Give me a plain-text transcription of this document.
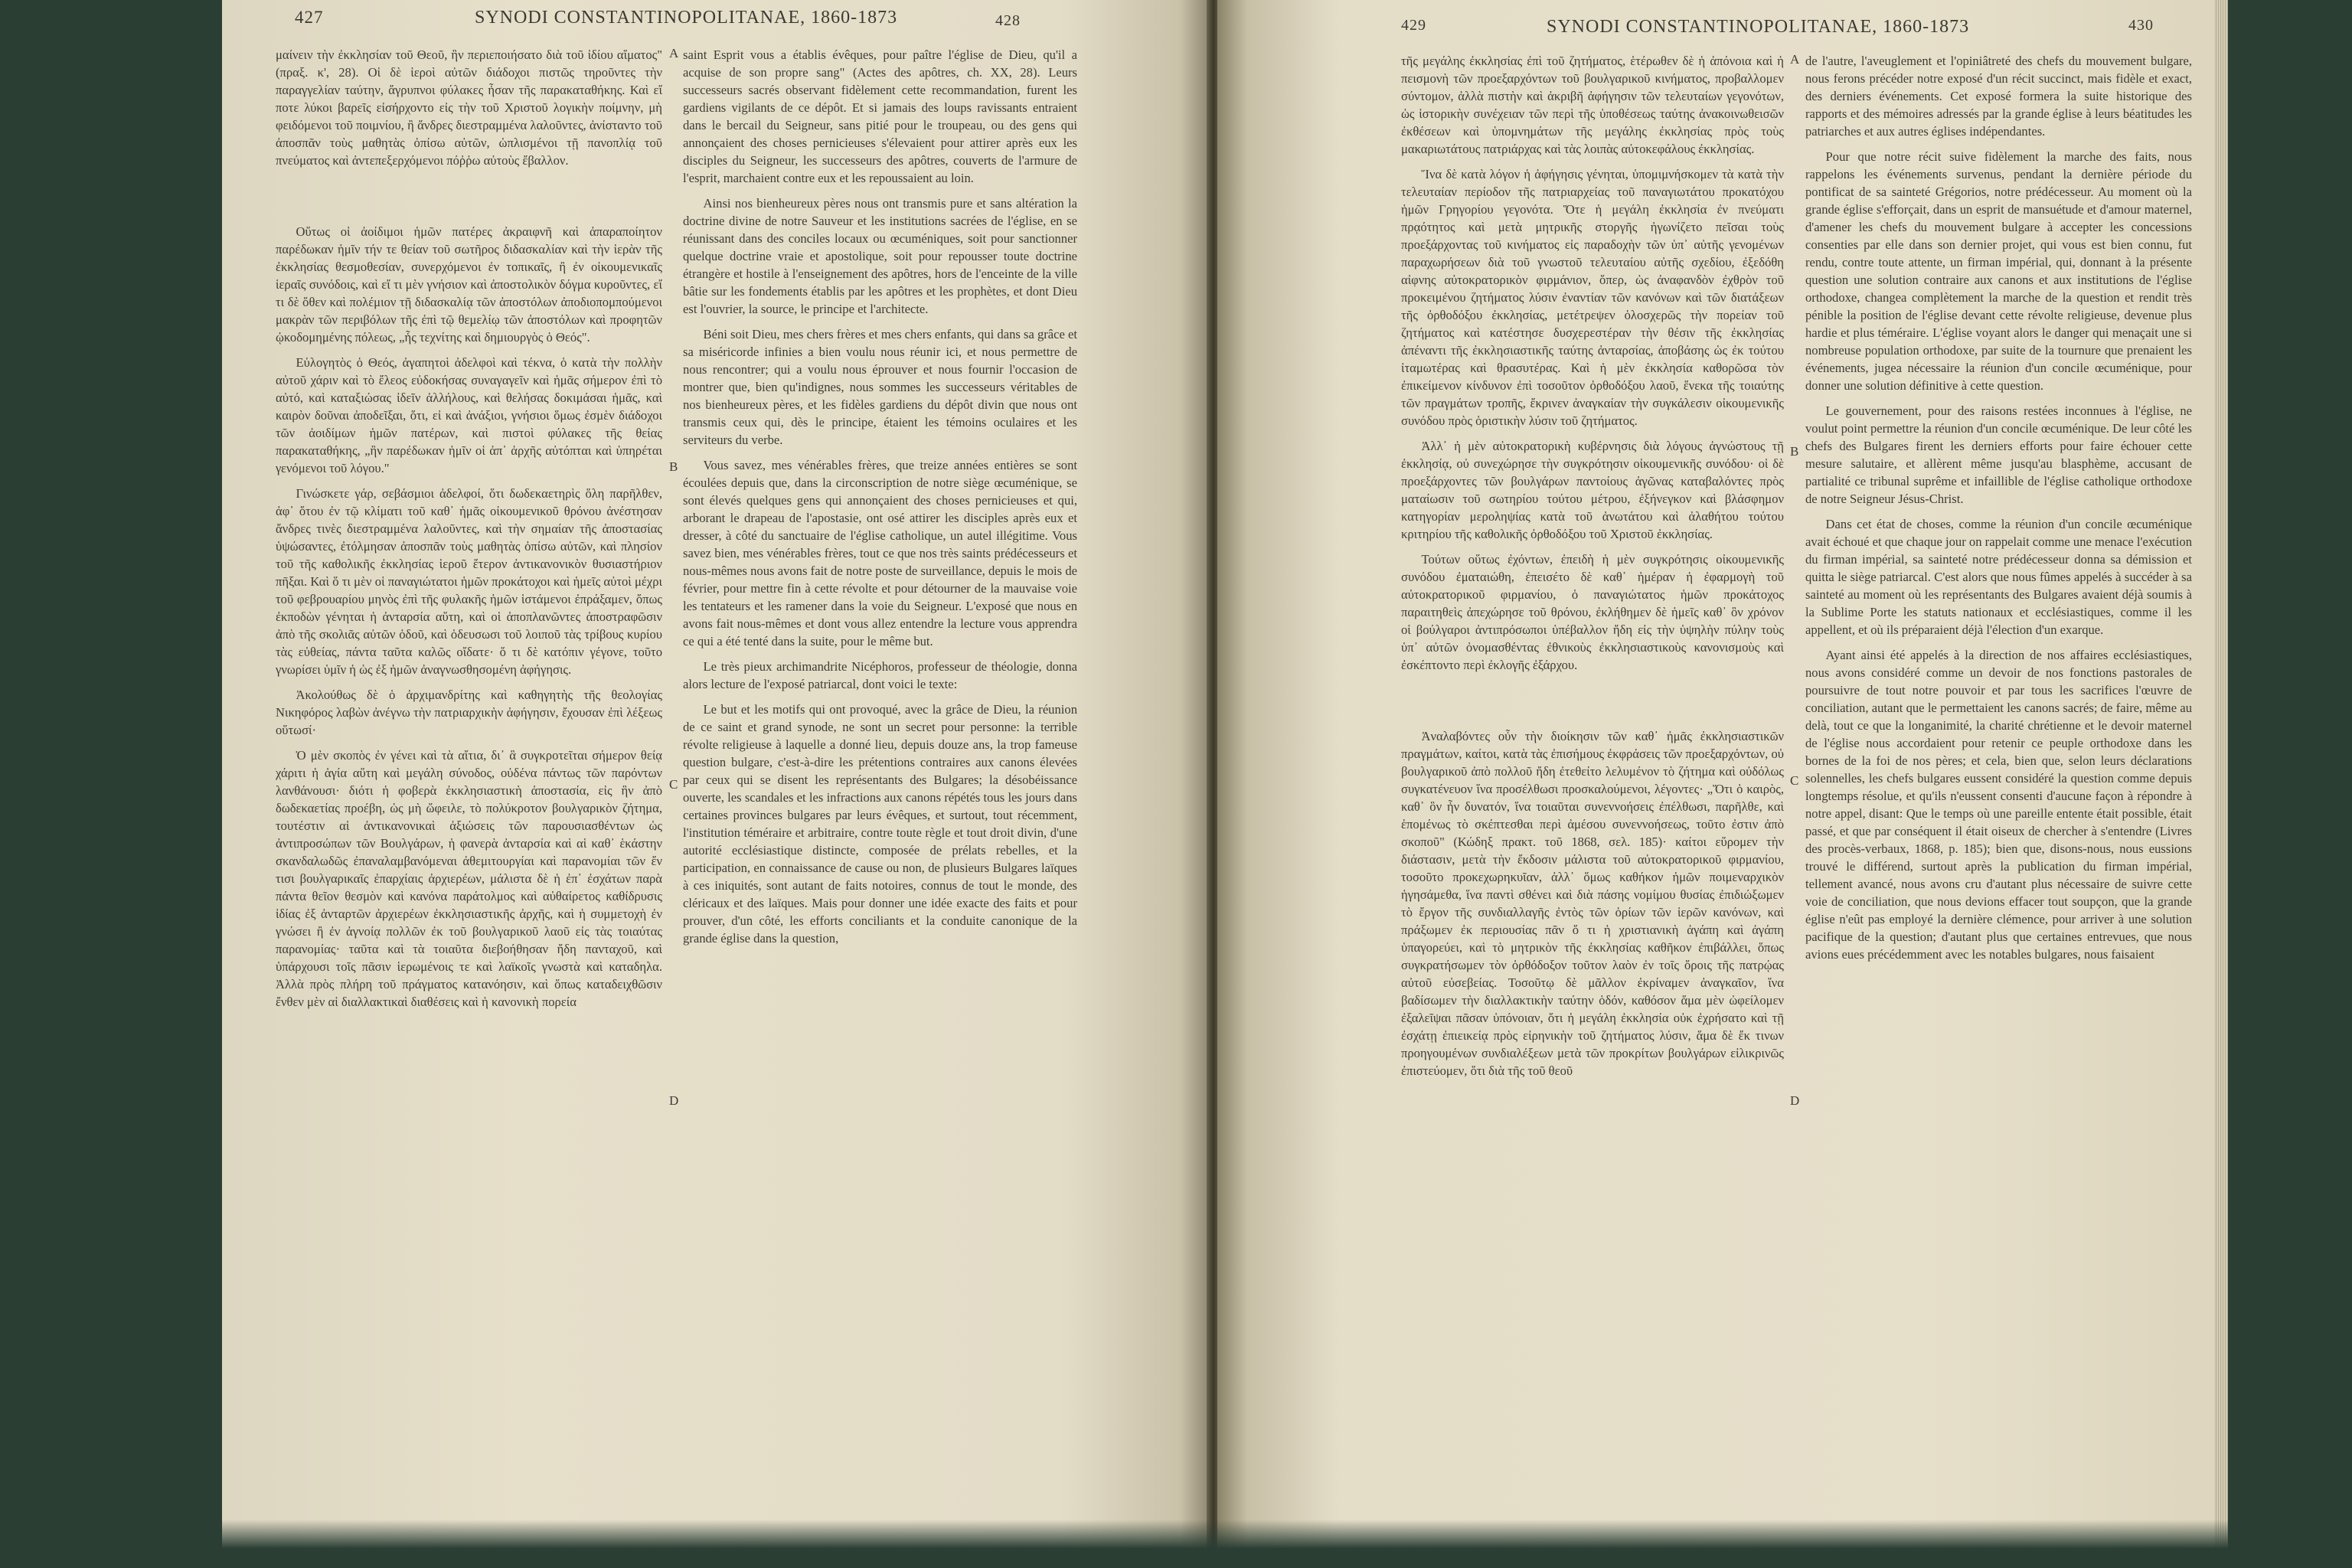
427	SYNODI CONSTANTINOPOLITANAE, 1860-1873	428

μαίνειν τὴν ἐκκλησίαν τοῦ Θεοῦ, ἣν περιεποιήσατο διὰ τοῦ ἰδίου αἵματος" (πραξ. κ', 28). Οἱ δὲ ἱεροὶ αὐτῶν διάδοχοι πιστῶς τηροῦντες τὴν παραγγελίαν ταύτην, ἄγρυπνοι φύλακες ἦσαν τῆς παρακαταθήκης. Καὶ εἴ ποτε λύκοι βαρεῖς εἰσήρχοντο εἰς τὴν τοῦ Χριστοῦ λογικὴν ποίμνην, μὴ φειδόμενοι τοῦ ποιμνίου, ἢ ἄνδρες διεστραμμένα λαλοῦντες, ἀνίσταντο τοῦ ἀποσπᾶν τοὺς μαθητὰς ὀπίσω αὐτῶν, ὡπλισμένοι τῇ πανοπλίᾳ τοῦ πνεύματος καὶ ἀντεπεξερχόμενοι πόῤῥω αὐτοὺς ἔβαλλον.

Οὕτως οἱ ἀοίδιμοι ἡμῶν πατέρες ἀκραιφνῆ καὶ ἀπαραποίητον παρέδωκαν ἡμῖν τήν τε θείαν τοῦ σωτῆρος διδασκαλίαν καὶ τὴν ἱερὰν τῆς ἐκκλησίας θεσμοθεσίαν, συνερχόμενοι ἐν τοπικαῖς, ἢ ἐν οἰκουμενικαῖς ἱεραῖς συνόδοις, καὶ εἴ τι μὲν γνήσιον καὶ ἀποστολικὸν δόγμα κυροῦντες, εἴ τι δὲ ὅθεν καὶ πολέμιον τῇ διδασκαλίᾳ τῶν ἀποστόλων ἀποδιοπομπούμενοι μακρὰν τῶν περιβόλων τῆς ἐπὶ τῷ θεμελίῳ τῶν ἀποστόλων καὶ προφητῶν ᾠκοδομημένης πόλεως, „ἧς τεχνίτης καὶ δημιουργὸς ὁ Θεός".

Εὐλογητὸς ὁ Θεός, ἀγαπητοὶ ἀδελφοὶ καὶ τέκνα, ὁ κατὰ τὴν πολλὴν αὐτοῦ χάριν καὶ τὸ ἔλεος εὐδοκήσας συναγαγεῖν καὶ ἡμᾶς σήμερον ἐπὶ τὸ αὐτό, καὶ καταξιώσας ἰδεῖν ἀλλήλους, καὶ θελήσας δοκιμάσαι ἡμᾶς, καὶ καιρὸν δοῦναι ἀποδεῖξαι, ὅτι, εἰ καὶ ἀνάξιοι, γνήσιοι ὅμως ἐσμὲν διάδοχοι τῶν ἀοιδίμων ἡμῶν πατέρων, καὶ πιστοὶ φύλακες τῆς θείας παρακαταθήκης, „ἣν παρέδωκαν ἡμῖν οἱ ἀπ᾽ ἀρχῆς αὐτόπται καὶ ὑπηρέται γενόμενοι τοῦ λόγου."

Γινώσκετε γάρ, σεβάσμιοι ἀδελφοί, ὅτι δωδεκαετηρὶς ὅλη παρῆλθεν, ἀφ᾽ ὅτου ἐν τῷ κλίματι τοῦ καθ᾽ ἡμᾶς οἰκουμενικοῦ θρόνου ἀνέστησαν ἄνδρες τινὲς διεστραμμένα λαλοῦντες, καὶ τὴν σημαίαν τῆς ἀποστασίας ὑψώσαντες, ἐτόλμησαν ἀποσπᾶν τοὺς μαθητὰς ὀπίσω αὐτῶν, καὶ πλησίον τοῦ τῆς καθολικῆς ἐκκλησίας ἱεροῦ ἕτερον ἀντικανονικὸν θυσιαστήριον πῆξαι. Καὶ ὅ τι μὲν οἱ παναγιώτατοι ἡμῶν προκάτοχοι καὶ ἡμεῖς αὐτοὶ μέχρι τοῦ φεβρουαρίου μηνὸς ἐπὶ τῆς φυλακῆς ἡμῶν ἱστάμενοι ἐπράξαμεν, ὅπως ἐκποδὼν γένηται ἡ ἀνταρσία αὕτη, καὶ οἱ ἀποπλανῶντες ἀποστραφῶσιν ἀπὸ τῆς σκολιᾶς αὐτῶν ὁδοῦ, καὶ ὁδευσωσι τοῦ λοιποῦ τὰς τρίβους κυρίου τὰς εὐθείας, πάντα ταῦτα καλῶς οἴδατε· ὅ τι δὲ κατόπιν γέγονε, τοῦτο γνωρίσει ὑμῖν ἡ ὡς ἐξ ἡμῶν ἀναγνωσθησομένη ἀφήγησις.

Ἀκολούθως δὲ ὁ ἀρχιμανδρίτης καὶ καθηγητὴς τῆς θεολογίας Νικηφόρος λαβὼν ἀνέγνω τὴν πατριαρχικὴν ἀφήγησιν, ἔχουσαν ἐπὶ λέξεως οὕτωσί·

Ὁ μὲν σκοπὸς ἐν γένει καὶ τὰ αἴτια, δι᾽ ἃ συγκροτεῖται σήμερον θείᾳ χάριτι ἡ ἁγία αὕτη καὶ μεγάλη σύνοδος, οὐδένα πάντως τῶν παρόντων λανθάνουσι· διότι ἡ φοβερὰ ἐκκλησιαστικὴ ἀποστασία, εἰς ἣν ἀπὸ δωδεκαετίας προέβη, ὡς μὴ ὤφειλε, τὸ πολύκροτον βουλγαρικὸν ζήτημα, τουτέστιν αἱ ἀντικανονικαὶ ἀξιώσεις τῶν παρουσιασθέντων ὡς ἀντιπροσώπων τῶν Βουλγάρων, ἡ φανερὰ ἀνταρσία καὶ αἱ καθ᾽ ἑκάστην σκανδαλωδῶς ἐπαναλαμβανόμεναι ἀθεμιτουργίαι καὶ παρανομίαι τῶν ἔν τισι βουλγαρικαῖς ἐπαρχίαις ἀρχιερέων, μάλιστα δὲ ἡ ἐπ᾽ ἐσχάτων παρὰ πάντα θεῖον θεσμὸν καὶ κανόνα παράτολμος καὶ αὐθαίρετος καθίδρυσις ἰδίας ἐξ ἀνταρτῶν ἀρχιερέων ἐκκλησιαστικῆς ἀρχῆς, καὶ ἡ συμμετοχὴ ἐν γνώσει ἢ ἐν ἀγνοίᾳ πολλῶν ἐκ τοῦ βουλγαρικοῦ λαοῦ εἰς τὰς τοιαύτας παρανομίας· ταῦτα καὶ τὰ τοιαῦτα διεβοήθησαν ἤδη πανταχοῦ, καὶ ὑπάρχουσι τοῖς πᾶσιν ἱερωμένοις τε καὶ λαϊκοῖς γνωστὰ καὶ καταδηλα. Ἀλλὰ πρὸς πλήρη τοῦ πράγματος κατανόησιν, καὶ ὅπως καταδειχθῶσιν ἔνθεν μὲν αἱ διαλλακτικαὶ διαθέσεις καὶ ἡ κανονικὴ πορεία

A
B
C
D

saint Esprit vous a établis évêques, pour paître l'église de Dieu, qu'il a acquise de son propre sang" (Actes des apôtres, ch. XX, 28). Leurs successeurs sacrés observant fidèlement cette recommandation, furent les gardiens vigilants de ce dépôt. Et si jamais des loups ravissants entraient dans le bercail du Seigneur, sans pitié pour le troupeau, ou des gens qui annonçaient des choses pernicieuses s'élevaient pour attirer après eux les disciples du Seigneur, les successeurs des apôtres, couverts de l'armure de l'esprit, marchaient contre eux et les repoussaient au loin.

Ainsi nos bienheureux pères nous ont transmis pure et sans altération la doctrine divine de notre Sauveur et les institutions sacrées de l'église, en se réunissant dans des conciles locaux ou œcuméniques, soit pour sanctionner quelque doctrine vraie et apostolique, soit pour repousser toute doctrine étrangère et hostile à l'enseignement des apôtres, hors de l'enceinte de la ville bâtie sur les fondements établis par les apôtres et les prophètes, et dont Dieu est l'ouvrier, la source, le principe et l'architecte.

Béni soit Dieu, mes chers frères et mes chers enfants, qui dans sa grâce et sa miséricorde infinies a bien voulu nous réunir ici, et nous permettre de nous rencontrer; qui a voulu nous éprouver et nous fournir l'occasion de montrer que, bien qu'indignes, nous sommes les successeurs véritables de nos bienheureux pères, et les fidèles gardiens du dépôt divin que nous ont transmis ceux qui, dès le principe, étaient les témoins oculaires et les serviteurs du verbe.

Vous savez, mes vénérables frères, que treize années entières se sont écoulées depuis que, dans la circonscription de notre siège œcuménique, se sont élevés quelques gens qui annonçaient des choses pernicieuses et qui, arborant le drapeau de l'apostasie, ont osé attirer les disciples après eux et dresser, à côté du sanctuaire de l'église catholique, un autel illégitime. Vous savez bien, mes vénérables frères, tout ce que nos très saints prédécesseurs et nous-mêmes nous avons fait de notre poste de surveillance, depuis le mois de février, pour mettre fin à cette révolte et pour détourner de la mauvaise voie les tentateurs et les ramener dans la voie du Seigneur. L'exposé que nous en avons fait nous-mêmes et dont vous allez entendre la lecture vous apprendra ce qui a été tenté dans la suite, pour le même but.

Le très pieux archimandrite Nicéphoros, professeur de théologie, donna alors lecture de l'exposé patriarcal, dont voici le texte:

Le but et les motifs qui ont provoqué, avec la grâce de Dieu, la réunion de ce saint et grand synode, ne sont un secret pour personne: la terrible révolte religieuse à laquelle a donné lieu, depuis douze ans, la trop fameuse question bulgare, c'est-à-dire les prétentions contraires aux canons élevées par ceux qui se disent les représentants des Bulgares; la désobéissance ouverte, les scandales et les infractions aux canons répétés tous les jours dans certaines provinces bulgares par leurs évêques, et surtout, tout récemment, l'institution téméraire et arbitraire, contre toute règle et tout droit divin, d'une autorité ecclésiastique distincte, composée de prélats rebelles, et la participation, en connaissance de cause ou non, de plusieurs Bulgares laïques à ces iniquités, sont autant de faits notoires, connus de tout le monde, des cléricaux et des laïques. Mais pour donner une idée exacte des faits et pour prouver, d'un côté, les efforts conciliants et la conduite canonique de la grande église dans la question,

429	SYNODI CONSTANTINOPOLITANAE, 1860-1873	430

τῆς μεγάλης ἐκκλησίας ἐπὶ τοῦ ζητήματος, ἑτέρωθεν δὲ ἡ ἀπόνοια καὶ ἡ πεισμονὴ τῶν προεξαρχόντων τοῦ βουλγαρικοῦ κινήματος, προβαλλομεν σύντομον, ἀλλὰ πιστὴν καὶ ἀκριβῆ ἀφήγησιν τῶν τελευταίων γεγονότων, ὡς ἱστορικὴν συνέχειαν τῶν περὶ τῆς ὑποθέσεως ταύτης ἀνακοινωθεισῶν ἐκθέσεων καὶ ὑπομνημάτων τῆς μεγάλης ἐκκλησίας πρὸς τοὺς μακαριωτάτους πατριάρχας καὶ τὰς λοιπὰς αὐτοκεφάλους ἐκκλησίας.

Ἵνα δὲ κατὰ λόγον ἡ ἀφήγησις γένηται, ὑπομιμνήσκομεν τὰ κατὰ τὴν τελευταίαν περίοδον τῆς πατριαρχείας τοῦ παναγιωτάτου προκατόχου ἡμῶν Γρηγορίου γεγονότα. Ὅτε ἡ μεγάλη ἐκκλησία ἐν πνεύματι πρᾳότητος καὶ μετὰ μητρικῆς στοργῆς ἠγωνίζετο πεῖσαι τοὺς προεξάρχοντας τοῦ κινήματος εἰς παραδοχὴν τῶν ὑπ᾽ αὐτῆς γενομένων παραχωρήσεων διὰ τοῦ γνωστοῦ τελευταίου αὐτῆς σχεδίου, ἐξεδόθη αἰφνης αὐτοκρατορικὸν φιρμάνιον, ὅπερ, ὡς ἀναφανδὸν ἐχθρὸν τοῦ προκειμένου ζητήματος λύσιν ἐναντίαν τῶν κανόνων καὶ τῶν διατάξεων τῆς ὀρθοδόξου ἐκκλησίας, μετέτρεψεν ὁλοσχερῶς τὴν πορείαν τοῦ ζητήματος καὶ κατέστησε δυσχερεστέραν τὴν θέσιν τῆς ἐκκλησίας ἀπέναντι τῆς ἐκκλησιαστικῆς ταύτης ἀνταρσίας, ἀποβάσης ὡς ἐκ τούτου ἰταμωτέρας καὶ θρασυτέρας. Καὶ ἡ μὲν ἐκκλησία καθορῶσα τὸν ἐπικείμενον κίνδυνον ἐπὶ τοσοῦτον ὀρθοδόξου λαοῦ, ἕνεκα τῆς τοιαύτης τῶν πραγμάτων τροπῆς, ἔκρινεν ἀναγκαίαν τὴν συγκάλεσιν οἰκουμενικῆς συνόδου πρὸς ὁριστικὴν λύσιν τοῦ ζητήματος.

Ἀλλ᾽ ἡ μὲν αὐτοκρατορικὴ κυβέρνησις διὰ λόγους ἀγνώστους τῇ ἐκκλησίᾳ, οὐ συνεχώρησε τὴν συγκρότησιν οἰκουμενικῆς συνόδου· οἱ δὲ προεξάρχοντες τῶν βουλγάρων παντοίους ἀγῶνας καταβαλόντες πρὸς ματαίωσιν τοῦ σωτηρίου τούτου μέτρου, ἐξήνεγκον καὶ βλάσφημον κατηγορίαν μεροληψίας κατὰ τοῦ ἀνωτάτου καὶ ἀλαθήτου τούτου κριτηρίου τῆς καθολικῆς ὀρθοδόξου τοῦ Χριστοῦ ἐκκλησίας.

Τούτων οὕτως ἐχόντων, ἐπειδὴ ἡ μὲν συγκρότησις οἰκουμενικῆς συνόδου ἐματαιώθη, ἐπεισέτο δὲ καθ᾽ ἡμέραν ἡ ἐφαρμογὴ τοῦ αὐτοκρατορικοῦ φιρμανίου, ὁ παναγιώτατος ἡμῶν προκάτοχος παραιτηθεὶς ἀπεχώρησε τοῦ θρόνου, ἐκλήθημεν δὲ ἡμεῖς καθ᾽ ὃν χρόνον οἱ βούλγαροι ἀντιπρόσωποι ὑπέβαλλον ἤδη εἰς τὴν ὑψηλὴν πύλην τοὺς ὑπ᾽ αὐτῶν ὀνομασθέντας ἐθνικοὺς ἐκκλησιαστικοὺς κανονισμοὺς καὶ ἐσκέπτοντο περὶ ἐκλογῆς ἐξάρχου.

Ἀναλαβόντες οὖν τὴν διοίκησιν τῶν καθ᾽ ἡμᾶς ἐκκλησιαστικῶν πραγμάτων, καίτοι, κατὰ τὰς ἐπισήμους ἐκφράσεις τῶν προεξαρχόντων, οὐ βουλγαρικοῦ ἀπὸ πολλοῦ ἤδη ἐτεθείτο λελυμένον τὸ ζήτημα καὶ οὐδόλως συγκατένευον ἵνα προσέλθωσι προσκαλούμενοι, λέγοντες· „Ὅτι ὁ καιρὸς, καθ᾽ ὃν ἦν δυνατόν, ἵνα τοιαῦται συνεννοήσεις ἐπέλθωσι, παρῆλθε, καὶ ἑπομένως τὸ σκέπτεσθαι περὶ ἀμέσου συνεννοήσεως, τοῦτο ἐστιν ἀπὸ σκοποῦ" (Κώδηξ πρακτ. τοῦ 1868, σελ. 185)· καίτοι εὕρομεν τὴν διάστασιν, μετὰ τὴν ἔκδοσιν μάλιστα τοῦ αὐτοκρατορικοῦ φιρμανίου, τοσοῦτο προκεχωρηκυῖαν, ἀλλ᾽ ὅμως καθήκον ἡμῶν ποιμεναρχικὸν ἡγησάμεθα, ἵνα παντὶ σθένει καὶ διὰ πάσης νομίμου θυσίας ἐπιδιώξωμεν τὸ ἔργον τῆς συνδιαλλαγῆς ἐντὸς τῶν ὁρίων τῶν ἱερῶν κανόνων, καὶ πράξωμεν ἐκ περιουσίας πᾶν ὅ τι ἡ χριστιανικὴ ἀγάπη καὶ ἀγάπη ὑπαγορεύει, καὶ τὸ μητρικὸν τῆς ἐκκλησίας καθῆκον ἐπιβάλλει, ὅπως συγκρατήσωμεν τὸν ὀρθόδοξον τοῦτον λαὸν ἐν τοῖς ὅροις τῆς πατρῴας αὐτοῦ εὐσεβείας. Τοσοῦτῳ δὲ μᾶλλον ἐκρίναμεν ἀναγκαῖον, ἵνα βαδίσωμεν τὴν διαλλακτικὴν ταύτην ὁδόν, καθόσον ἅμα μὲν ὠφείλομεν ἐξαλεῖψαι πᾶσαν ὑπόνοιαν, ὅτι ἡ μεγάλη ἐκκλησία οὐκ ἐχρήσατο καὶ τῇ ἐσχάτῃ ἐπιεικείᾳ πρὸς εἰρηνικὴν τοῦ ζητήματος λύσιν, ἅμα δὲ ἔκ τινων προηγουμένων συνδιαλέξεων μετὰ τῶν προκρίτων βουλγάρων εἰλικρινῶς ἐπιστεύομεν, ὅτι διὰ τῆς τοῦ θεοῦ

A
B
C
D

de l'autre, l'aveuglement et l'opiniâtreté des chefs du mouvement bulgare, nous ferons précéder notre exposé d'un récit succinct, mais fidèle et exact, des derniers événements. Cet exposé formera la suite historique des rapports et des mémoires adressés par la grande église à leurs béatitudes les patriarches et aux autres églises indépendantes.

Pour que notre récit suive fidèlement la marche des faits, nous rappelons les événements survenus, pendant la dernière période du pontificat de sa sainteté Grégorios, notre prédécesseur. Au moment où la grande église s'efforçait, dans un esprit de mansuétude et d'amour maternel, d'amener les chefs du mouvement bulgare à accepter les concessions consenties par elle dans son dernier projet, qui vous est bien connu, fut rendu, contre toute attente, un firman impérial, qui, donnant à la présente question une solution contraire aux canons et aux institutions de l'église orthodoxe, changea complètement la marche de la question et rendit très pénible la position de l'église devant cette révolte religieuse, devenue plus hardie et plus téméraire. L'église voyant alors le danger qui menaçait une si nombreuse population orthodoxe, par suite de la tournure que prenaient les événements, jugea nécessaire la réunion d'un concile œcuménique, pour donner une solution définitive à cette question.

Le gouvernement, pour des raisons restées inconnues à l'église, ne voulut point permettre la réunion d'un concile œcuménique. De leur côté les chefs des Bulgares firent les derniers efforts pour faire échouer cette mesure salutaire, et allèrent même jusqu'au blasphème, accusant de partialité ce tribunal suprême et infaillible de l'église catholique orthodoxe de notre Seigneur Jésus-Christ.

Dans cet état de choses, comme la réunion d'un concile œcuménique avait échoué et que chaque jour on rappelait comme une menace l'exécution du firman impérial, sa sainteté notre prédécesseur donna sa démission et quitta le siège patriarcal. C'est alors que nous fûmes appelés à succéder à sa sainteté au moment où les représentants des Bulgares avaient déjà soumis à la Sublime Porte les statuts nationaux et ecclésiastiques, comme il les appellent, et où ils préparaient déjà l'élection d'un exarque.

Ayant ainsi été appelés à la direction de nos affaires ecclésiastiques, nous avons considéré comme un devoir de nos fonctions pastorales de poursuivre de tout notre pouvoir et par tous les sacrifices l'œuvre de conciliation, autant que le permettaient les canons sacrés; de faire, même au delà, tout ce que la longanimité, la charité chrétienne et le devoir maternel de l'église nous accordaient pour retenir ce peuple orthodoxe dans les bornes de la foi de nos pères; et cela, bien que, selon leurs déclarations solennelles, les chefs bulgares eussent considéré la question comme depuis longtemps résolue, et qu'ils n'eussent consenti d'aucune façon à répondre à notre appel, disant: Que le temps où une pareille entente était possible, était passé, et que par conséquent il était oiseux de chercher à s'entendre (Livres des procès-verbaux, 1868, p. 185); bien que, disons-nous, nous eussions trouvé le différend, surtout après la publication du firman impérial, tellement avancé, nous avons cru d'autant plus nécessaire de suivre cette voie de conciliation, que nous devions effacer tout soupçon, que la grande église n'eût pas employé la dernière clémence, pour arriver à une solution pacifique de la question; d'autant plus que certaines entrevues, que nous avions eues précédemment avec les notables bulgares, nous faisaient
